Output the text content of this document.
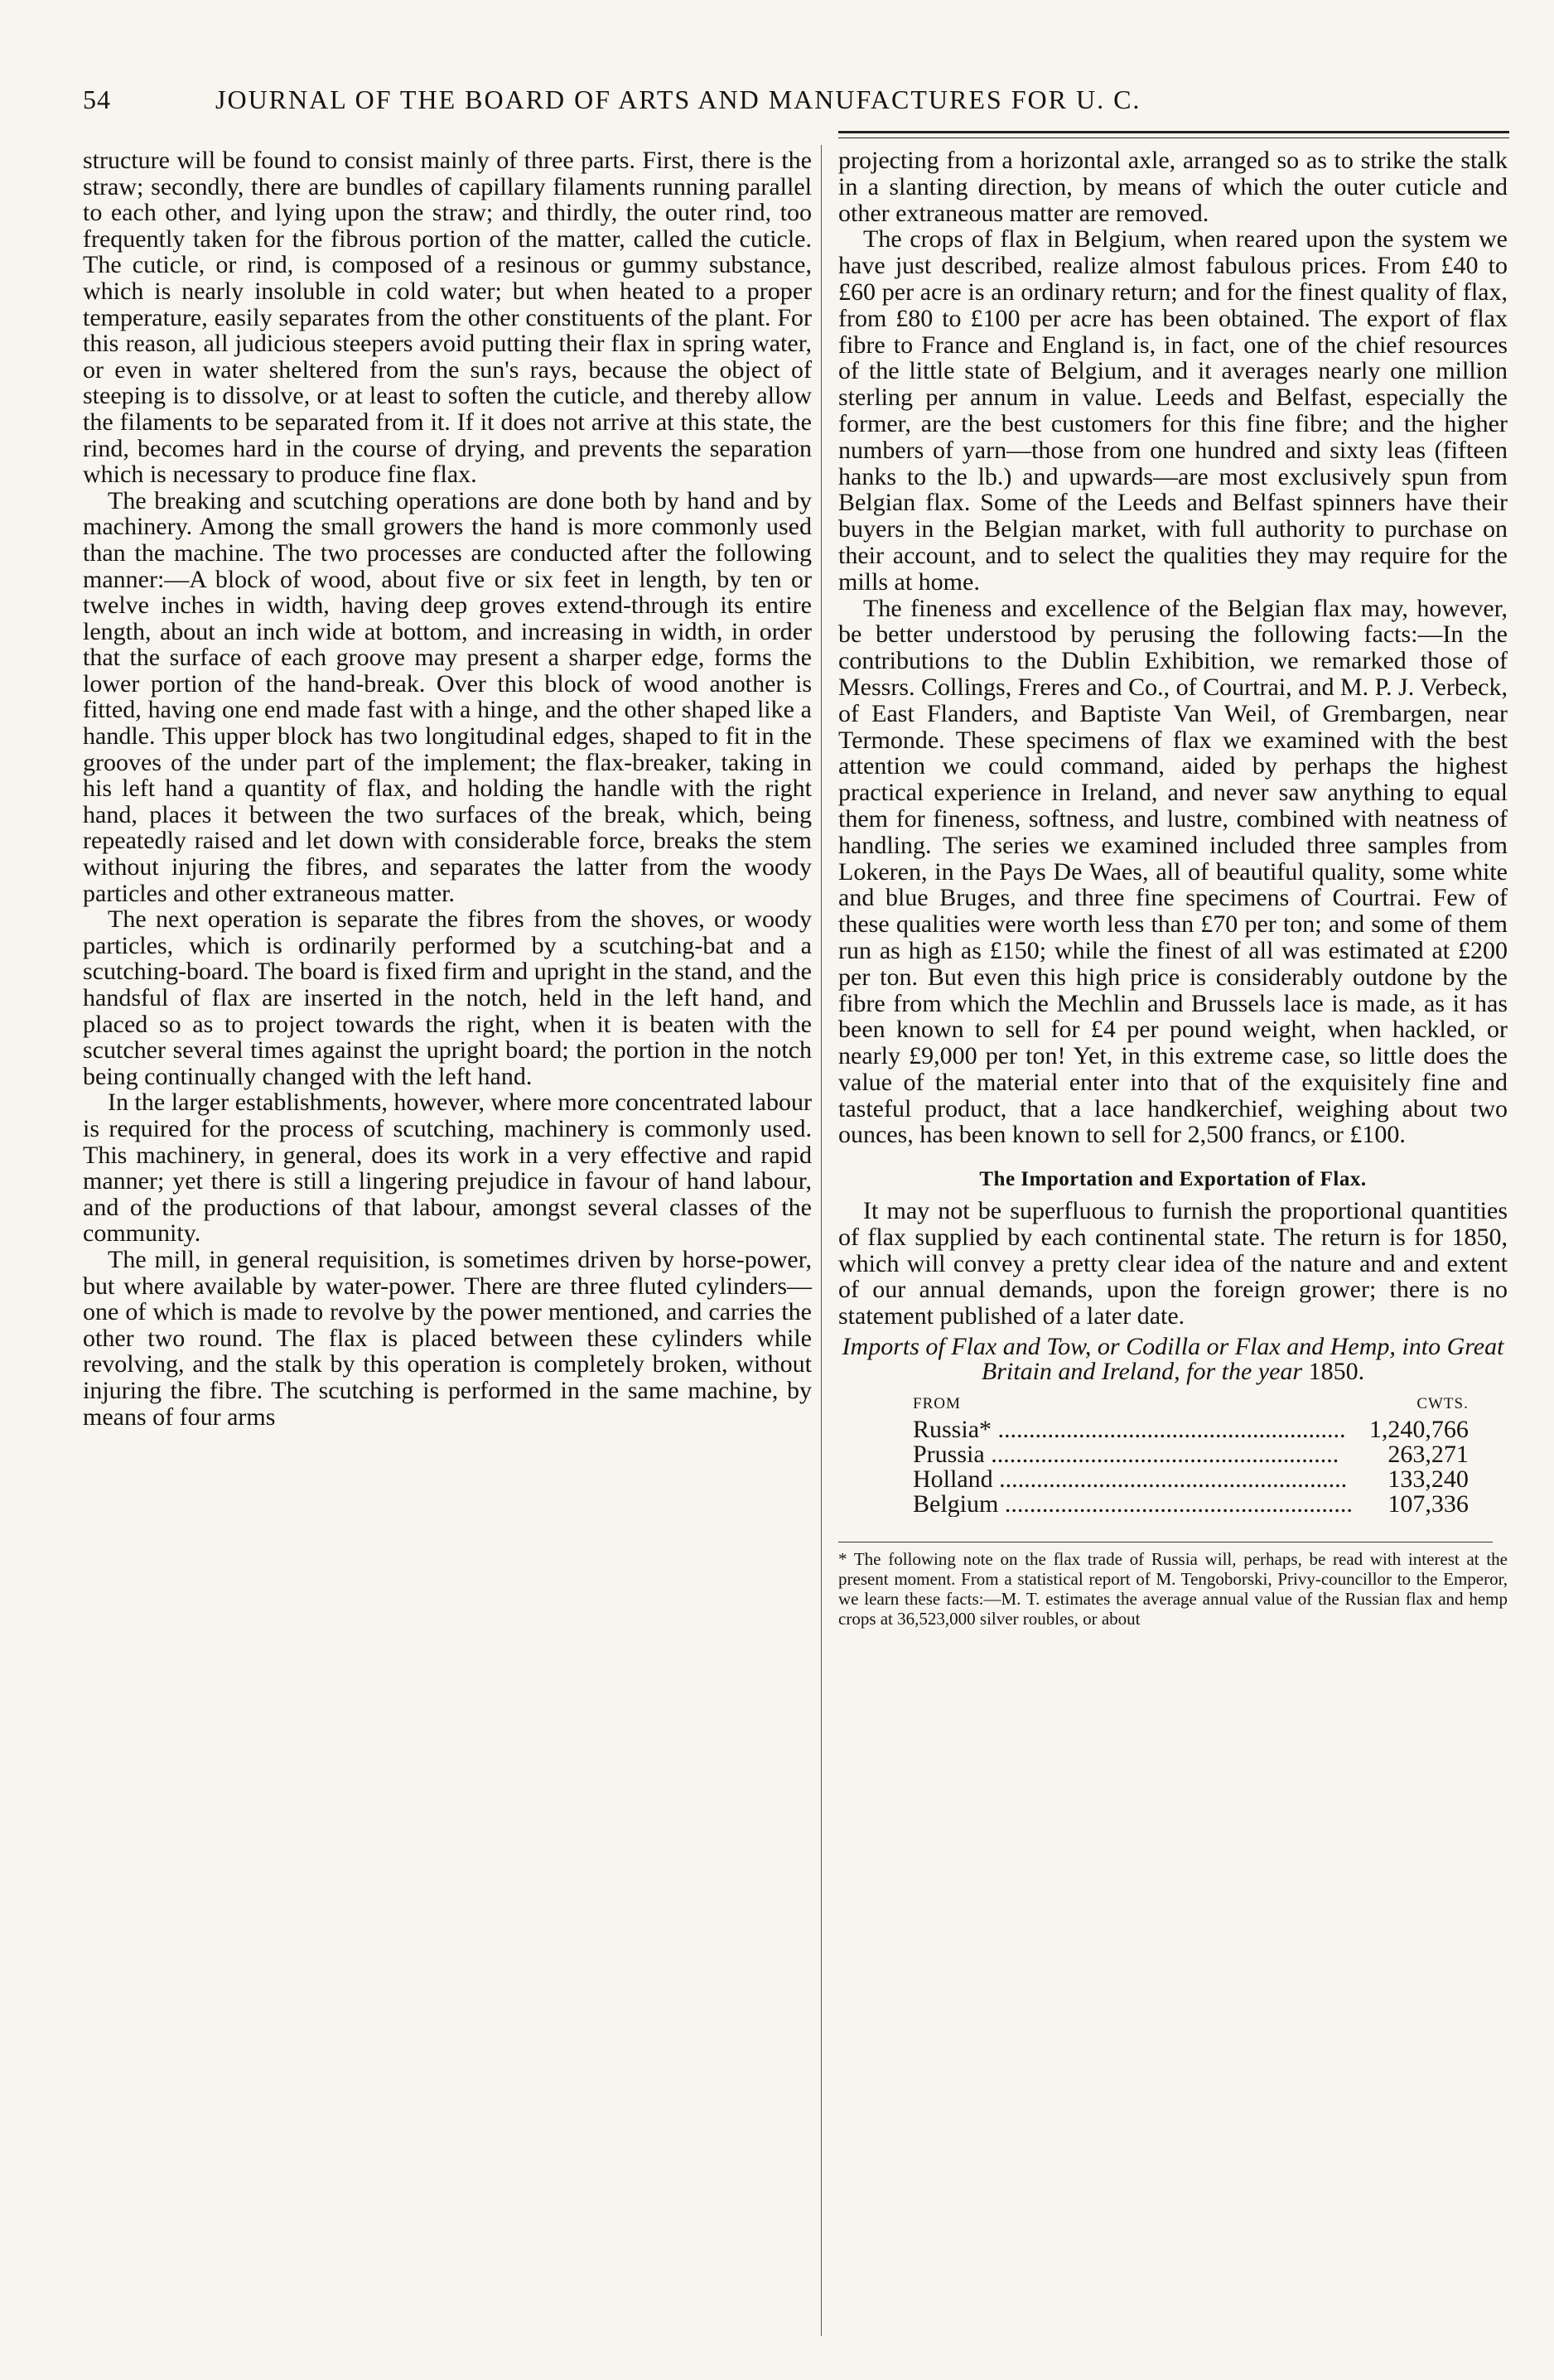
54	JOURNAL OF THE BOARD OF ARTS AND MANUFACTURES FOR U. C.

structure will be found to consist mainly of three parts. First, there is the straw; secondly, there are bundles of capillary filaments running parallel to each other, and lying upon the straw; and thirdly, the outer rind, too frequently taken for the fibrous portion of the matter, called the cuticle. The cuticle, or rind, is composed of a resinous or gummy substance, which is nearly insoluble in cold water; but when heated to a proper temperature, easily separates from the other constituents of the plant. For this reason, all judicious steepers avoid putting their flax in spring water, or even in water sheltered from the sun's rays, because the object of steeping is to dissolve, or at least to soften the cuticle, and thereby allow the filaments to be separated from it. If it does not arrive at this state, the rind, becomes hard in the course of drying, and prevents the separation which is necessary to produce fine flax.

The breaking and scutching operations are done both by hand and by machinery. Among the small growers the hand is more commonly used than the machine. The two processes are conducted after the following manner:—A block of wood, about five or six feet in length, by ten or twelve inches in width, having deep groves extend-through its entire length, about an inch wide at bottom, and increasing in width, in order that the surface of each groove may present a sharper edge, forms the lower portion of the hand-break. Over this block of wood another is fitted, having one end made fast with a hinge, and the other shaped like a handle. This upper block has two longitudinal edges, shaped to fit in the grooves of the under part of the implement; the flax-breaker, taking in his left hand a quantity of flax, and holding the handle with the right hand, places it between the two surfaces of the break, which, being repeatedly raised and let down with considerable force, breaks the stem without injuring the fibres, and separates the latter from the woody particles and other extraneous matter.

The next operation is separate the fibres from the shoves, or woody particles, which is ordinarily performed by a scutching-bat and a scutching-board. The board is fixed firm and upright in the stand, and the handsful of flax are inserted in the notch, held in the left hand, and placed so as to project towards the right, when it is beaten with the scutcher several times against the upright board; the portion in the notch being continually changed with the left hand.

In the larger establishments, however, where more concentrated labour is required for the process of scutching, machinery is commonly used. This machinery, in general, does its work in a very effective and rapid manner; yet there is still a lingering prejudice in favour of hand labour, and of the productions of that labour, amongst several classes of the community.

The mill, in general requisition, is sometimes driven by horse-power, but where available by water-power. There are three fluted cylinders—one of which is made to revolve by the power mentioned, and carries the other two round. The flax is placed between these cylinders while revolving, and the stalk by this operation is completely broken, without injuring the fibre. The scutching is performed in the same machine, by means of four arms

projecting from a horizontal axle, arranged so as to strike the stalk in a slanting direction, by means of which the outer cuticle and other extraneous matter are removed.

The crops of flax in Belgium, when reared upon the system we have just described, realize almost fabulous prices. From £40 to £60 per acre is an ordinary return; and for the finest quality of flax, from £80 to £100 per acre has been obtained. The export of flax fibre to France and England is, in fact, one of the chief resources of the little state of Belgium, and it averages nearly one million sterling per annum in value. Leeds and Belfast, especially the former, are the best customers for this fine fibre; and the higher numbers of yarn—those from one hundred and sixty leas (fifteen hanks to the lb.) and upwards—are most exclusively spun from Belgian flax. Some of the Leeds and Belfast spinners have their buyers in the Belgian market, with full authority to purchase on their account, and to select the qualities they may require for the mills at home.

The fineness and excellence of the Belgian flax may, however, be better understood by perusing the following facts:—In the contributions to the Dublin Exhibition, we remarked those of Messrs. Collings, Freres and Co., of Courtrai, and M. P. J. Verbeck, of East Flanders, and Baptiste Van Weil, of Grembargen, near Termonde. These specimens of flax we examined with the best attention we could command, aided by perhaps the highest practical experience in Ireland, and never saw anything to equal them for fineness, softness, and lustre, combined with neatness of handling. The series we examined included three samples from Lokeren, in the Pays De Waes, all of beautiful quality, some white and blue Bruges, and three fine specimens of Courtrai. Few of these qualities were worth less than £70 per ton; and some of them run as high as £150; while the finest of all was estimated at £200 per ton. But even this high price is considerably outdone by the fibre from which the Mechlin and Brussels lace is made, as it has been known to sell for £4 per pound weight, when hackled, or nearly £9,000 per ton! Yet, in this extreme case, so little does the value of the material enter into that of the exquisitely fine and tasteful product, that a lace handkerchief, weighing about two ounces, has been known to sell for 2,500 francs, or £100.

The Importation and Exportation of Flax.

It may not be superfluous to furnish the proportional quantities of flax supplied by each continental state. The return is for 1850, which will convey a pretty clear idea of the nature and and extent of our annual demands, upon the foreign grower; there is no statement published of a later date.

Imports of Flax and Tow, or Codilla or Flax and Hemp, into Great Britain and Ireland, for the year 1850.
FROM	CWTS.
Russia* .....	1,240,766
Prussia .....	263,271
Holland .....	133,240
Belgium .....	107,336

* The following note on the flax trade of Russia will, perhaps, be read with interest at the present moment. From a statistical report of M. Tengoborski, Privy-councillor to the Emperor, we learn these facts:—M. T. estimates the average annual value of the Russian flax and hemp crops at 36,523,000 silver roubles, or about
